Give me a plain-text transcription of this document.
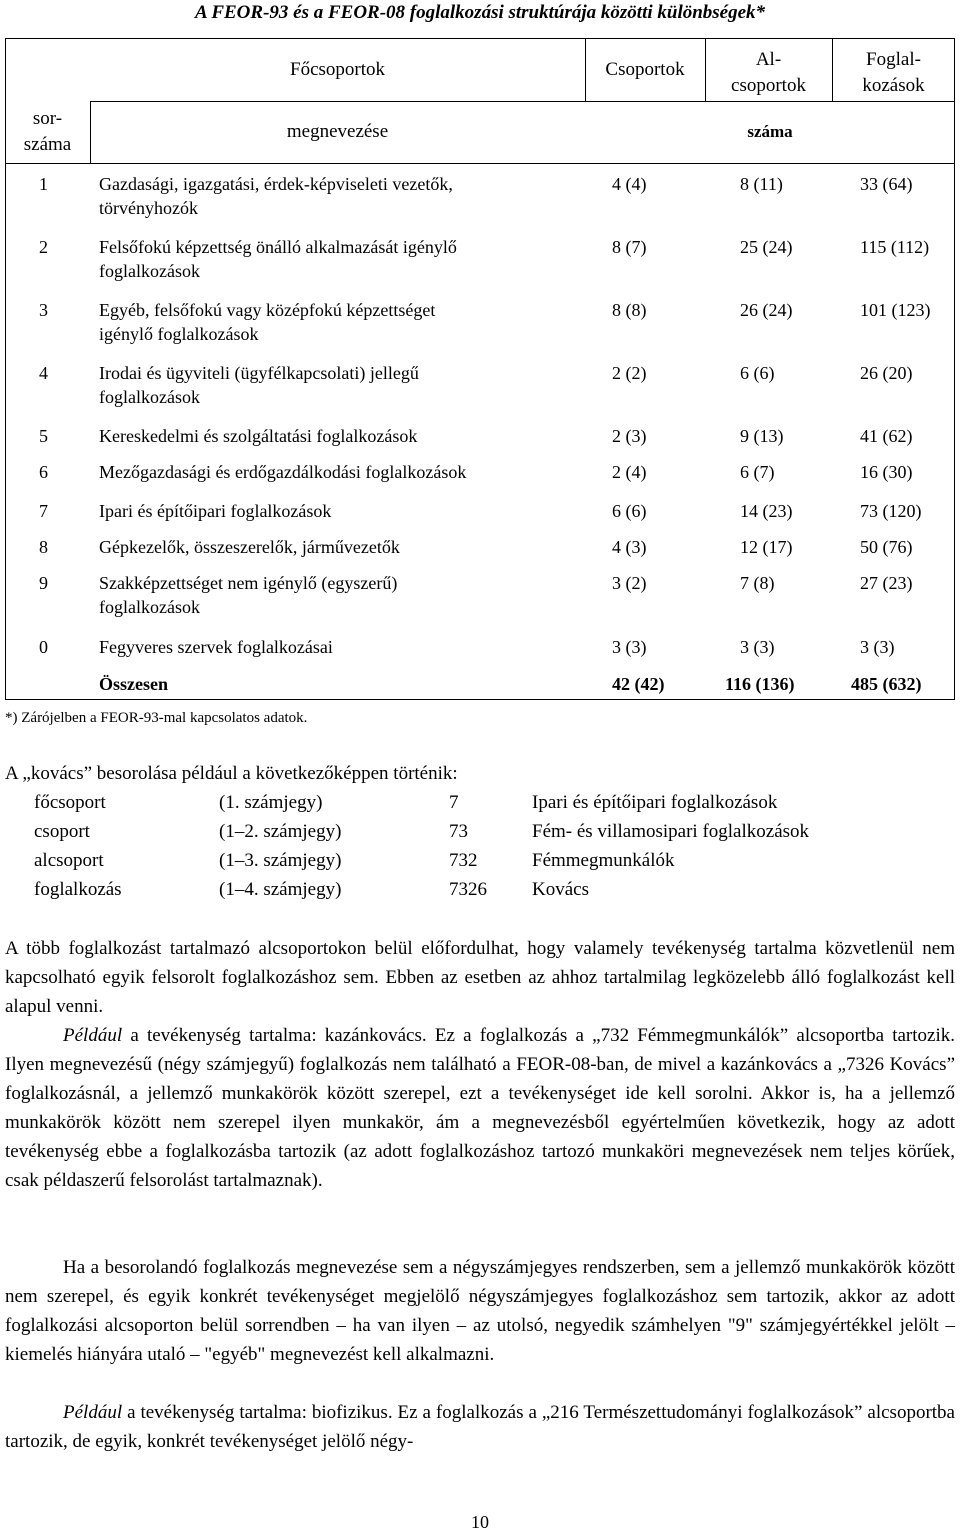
A FEOR-93 és a FEOR-08 foglalkozási struktúrája közötti különbségek*
Főcsoportok	Csoportok	Al-
csoportok
Foglal-
kozások
sor-
száma
megnevezése	száma
1	Gazdasági, igazgatási, érdek-képviseleti vezetők,
törvényhozók
4 (4)	8 (11)	33 (64)
2	Felsőfokú képzettség önálló alkalmazását igénylő
foglalkozások
8 (7)	25 (24)	115 (112)
3	Egyéb, felsőfokú vagy középfokú képzettséget
igénylő foglalkozások
8 (8)	26 (24)	101 (123)
4	Irodai és ügyviteli (ügyfélkapcsolati) jellegű
foglalkozások
2 (2)	6 (6)	26 (20)
5	Kereskedelmi és szolgáltatási foglalkozások	2 (3)	9 (13)	41 (62)
6	Mezőgazdasági és erdőgazdálkodási foglalkozások	2 (4)	6 (7)	16 (30)
7	Ipari és építőipari foglalkozások	6 (6)	14 (23)	73 (120)
8	Gépkezelők, összeszerelők, járművezetők	4 (3)	12 (17)	50 (76)
9	Szakképzettséget nem igénylő (egyszerű)
foglalkozások
3 (2)	7 (8)	27 (23)
0	Fegyveres szervek foglalkozásai	3 (3)	3 (3)	3 (3)
Összesen	42 (42)	116 (136)	485 (632)
*) Zárójelben a FEOR-93-mal kapcsolatos adatok.
A „kovács” besorolása például a következőképpen történik:
főcsoport	(1. számjegy)	7	Ipari és építőipari foglalkozások
csoport	(1–2. számjegy)	73	Fém- és villamosipari foglalkozások
alcsoport	(1–3. számjegy)	732	Fémmegmunkálók
foglalkozás	(1–4. számjegy)	7326 Kovács
A több foglalkozást tartalmazó alcsoportokon belül előfordulhat, hogy valamely tevékenység tartalma közvetlenül nem kapcsolható egyik felsorolt foglalkozáshoz sem. Ebben az esetben az ahhoz tartalmilag legközelebb álló foglalkozást kell alapul venni.
Például a tevékenység tartalma: kazánkovács. Ez a foglalkozás a „732 Fémmegmunkálók” alcsoportba tartozik. Ilyen megnevezésű (négy számjegyű) foglalkozás nem található a FEOR-08-ban, de mivel a kazánkovács a „7326 Kovács” foglalkozásnál, a jellemző munkakörök között szerepel, ezt a tevékenységet ide kell sorolni. Akkor is, ha a jellemző munkakörök között nem szerepel ilyen munkakör, ám a megnevezésből egyértelműen következik, hogy az adott tevékenység ebbe a foglalkozásba tartozik (az adott foglalkozáshoz tartozó munkaköri megnevezések nem teljes körűek, csak példaszerű felsorolást tartalmaznak).
Ha a besorolandó foglalkozás megnevezése sem a négyszámjegyes rendszerben, sem a jellemző munkakörök között nem szerepel, és egyik konkrét tevékenységet megjelölő négyszámjegyes foglalkozáshoz sem tartozik, akkor az adott foglalkozási alcsoporton belül sorrendben – ha van ilyen – az utolsó, negyedik számhelyen "9" számjegyértékkel jelölt – kiemelés hiányára utaló – "egyéb" megnevezést kell alkalmazni.
Például a tevékenység tartalma: biofizikus. Ez a foglalkozás a „216 Természettudományi foglalkozások” alcsoportba tartozik, de egyik, konkrét tevékenységet jelölő négy-
10
